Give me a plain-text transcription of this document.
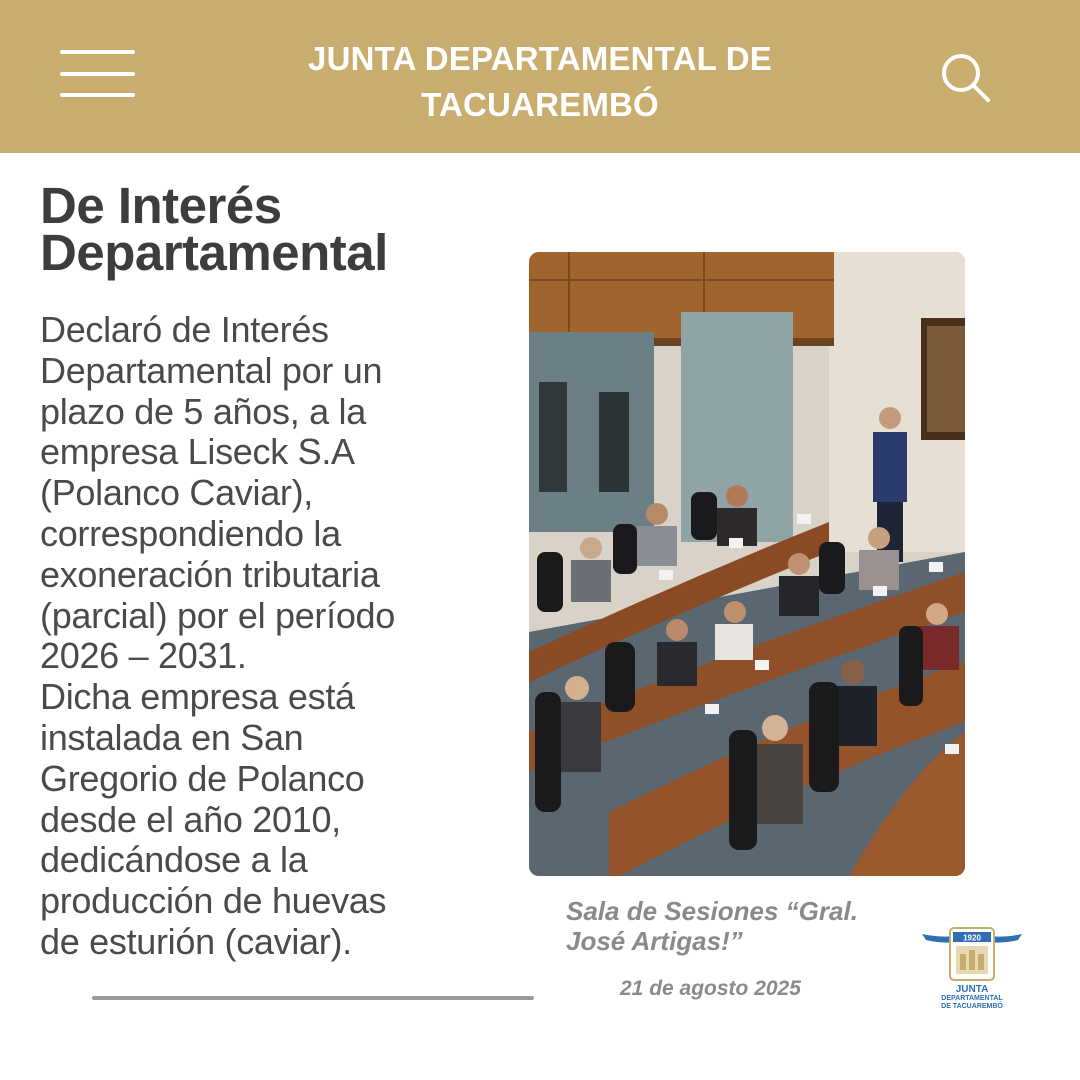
JUNTA DEPARTAMENTAL DE
TACUAREMBÓ
De Interés
Departamental
Declaró de Interés
Departamental por un
plazo de 5 años, a la
empresa Liseck S.A
(Polanco Caviar),
correspondiendo la
exoneración tributaria
(parcial) por el período
2026 – 2031.
Dicha empresa está
instalada en San
Gregorio de Polanco
desde el año 2010,
dedicándose a la
producción de huevas
de esturión (caviar).
Sala de Sesiones “Gral.
José Artigas!”
21 de agosto 2025
1920
JUNTA
DEPARTAMENTAL
DE TACUAREMBÓ
